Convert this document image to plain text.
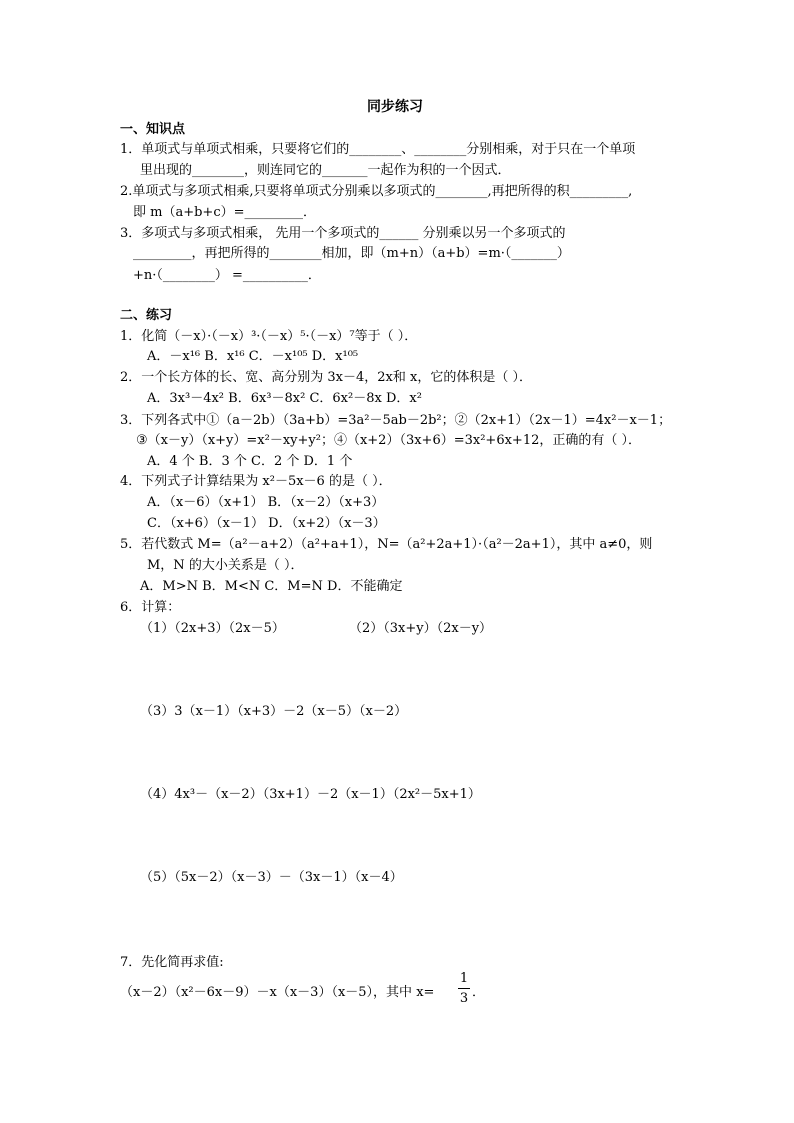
同步练习
一、知识点
1．单项式与单项式相乘，只要将它们的________、________分别相乘，对于只在一个单项
里出现的________，则连同它的_______一起作为积的一个因式．
2.单项式与多项式相乘,只要将单项式分别乘以多项式的________,再把所得的积_________,
即 m（a+b+c）=_________．
3．多项式与多项式相乘， 先用一个多项式的______ 分别乘以另一个多项式的
_________，再把所得的________相加，即（m+n）（a+b）=m·（_______）
+n·（________） =__________．
二、练习
1．化简（－x）·（－x）³·（－x）⁵·（－x）⁷等于（ ）．
A．－x¹⁶ B．x¹⁶ C．－x¹⁰⁵ D．x¹⁰⁵
2．一个长方体的长、宽、高分别为 3x－4，2x和 x，它的体积是（ ）．
A．3x³－4x² B．6x³－8x² C．6x²－8x D．x²
3．下列各式中①（a－2b）（3a+b）=3a²－5ab－2b²；②（2x+1）（2x－1）=4x²－x－1；
③（x－y）（x+y）=x²－xy+y²；④（x+2）（3x+6）=3x²+6x+12，正确的有（ ）．
A．4 个 B．3 个 C．2 个 D．1 个
4．下列式子计算结果为 x²－5x－6 的是（ ）．
A．（x－6）（x+1） B．（x－2）（x+3）
C．（x+6）（x－1） D．（x+2）（x－3）
5．若代数式 M=（a²－a+2）（a²+a+1），N=（a²+2a+1）·（a²－2a+1），其中 a≠0，则
M，N 的大小关系是（ ）．
A．M>N B．M<N C．M=N D．不能确定
6．计算：
（1）（2x+3）（2x－5）	（2）（3x+y）（2x－y）
（3）3（x－1）（x+3）－2（x－5）（x－2）
（4）4x³－（x－2）（3x+1）－2（x－1）（2x²－5x+1）
（5）（5x－2）（x－3）－（3x－1）（x－4）
7．先化简再求值:
（x－2）（x²－6x－9）－x（x－3）（x－5），其中 x=
1
3 ．
